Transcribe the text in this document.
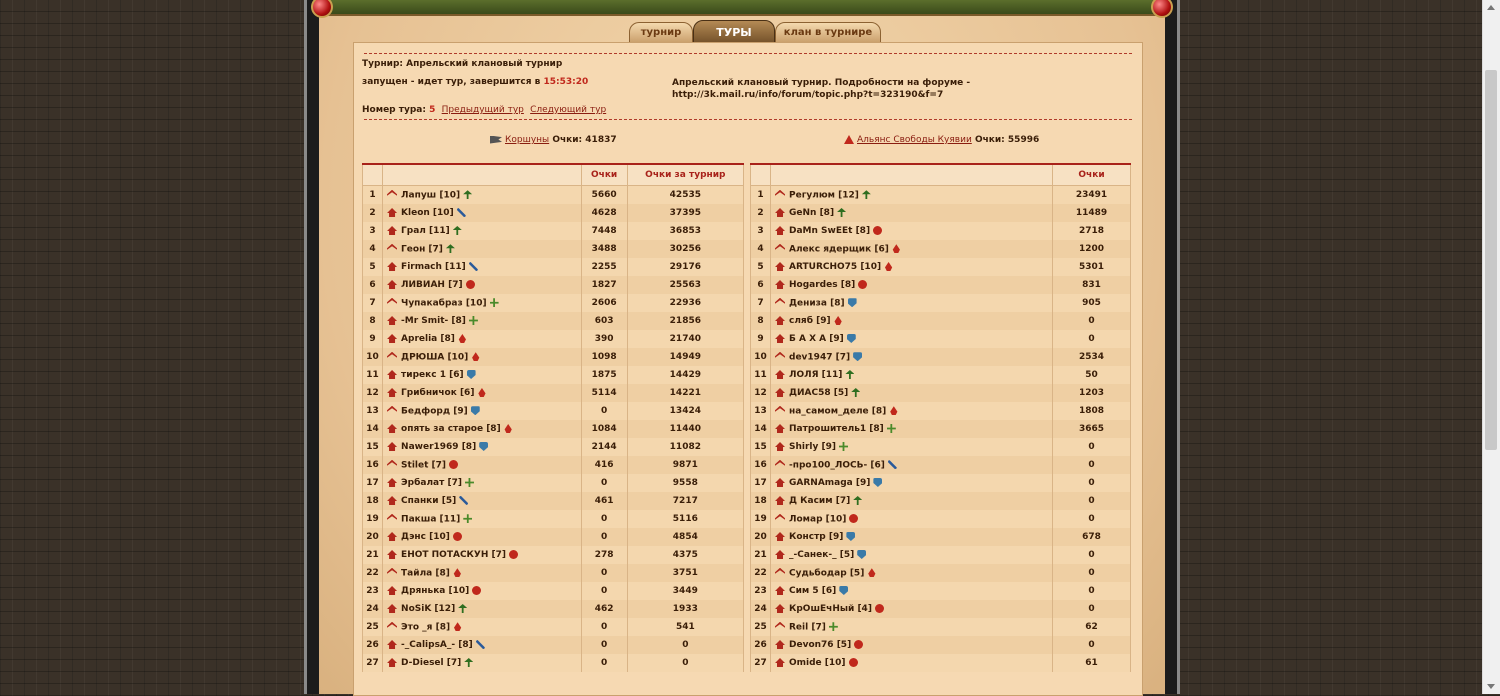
турнир	ТУРЫ	клан в турнире
Турнир: Апрельский клановый турнир
запущен - идет тур, завершится в 15:53:20	Апрельский клановый турнир. Подробности на форуме -
http://3k.mail.ru/info/forum/topic.php?t=323190&f=7
Номер тура: 5 Предыдущий тур Следующий тур
Коршуны Очки: 41837	Альянс Свободы Куявии Очки: 55996
		Очки	Очки за турнир
1	Лапуш [10]	5660	42535
2	Kleon [10]	4628	37395
3	Грал [11]	7448	36853
4	Геон [7]	3488	30256
5	Firmach [11]	2255	29176
6	ЛИВИАН [7]	1827	25563
7	Чупакабраз [10]	2606	22936
8	-Mr Smit- [8]	603	21856
9	Aprelia [8]	390	21740
10	ДРЮША [10]	1098	14949
11	тирекс 1 [6]	1875	14429
12	Грибничок [6]	5114	14221
13	Бедфорд [9]	0	13424
14	опять за старое [8]	1084	11440
15	Nawer1969 [8]	2144	11082
16	Stilet [7]	416	9871
17	Эрбалат [7]	0	9558
18	Спанки [5]	461	7217
19	Пакша [11]	0	5116
20	Дэнс [10]	0	4854
21	ЕНОТ ПОТАСКУН [7]	278	4375
22	Тайла [8]	0	3751
23	Дрянька [10]	0	3449
24	NoSiK [12]	462	1933
25	Это _я [8]	0	541
26	-_CalipsA_- [8]	0	0
27	D-Diesel [7]	0	0
		Очки
1	Регулюм [12]	23491
2	GeNn [8]	11489
3	DaMn SwEEt [8]	2718
4	Алекс ядерщик [6]	1200
5	ARTURCHO75 [10]	5301
6	Hogardes [8]	831
7	Дениза [8]	905
8	сляб [9]	0
9	Б А Х А [9]	0
10	dev1947 [7]	2534
11	ЛОЛЯ [11]	50
12	ДИАС58 [5]	1203
13	на_самом_деле [8]	1808
14	Патрошитель1 [8]	3665
15	Shirly [9]	0
16	-про100_ЛОСЬ- [6]	0
17	GARNAmaga [9]	0
18	Д Касим [7]	0
19	Ломар [10]	0
20	Констр [9]	678
21	_-Санек-_ [5]	0
22	Судьбодар [5]	0
23	Сим 5 [6]	0
24	КрОшЕчНый [4]	0
25	Reil [7]	62
26	Devon76 [5]	0
27	Omide [10]	61
